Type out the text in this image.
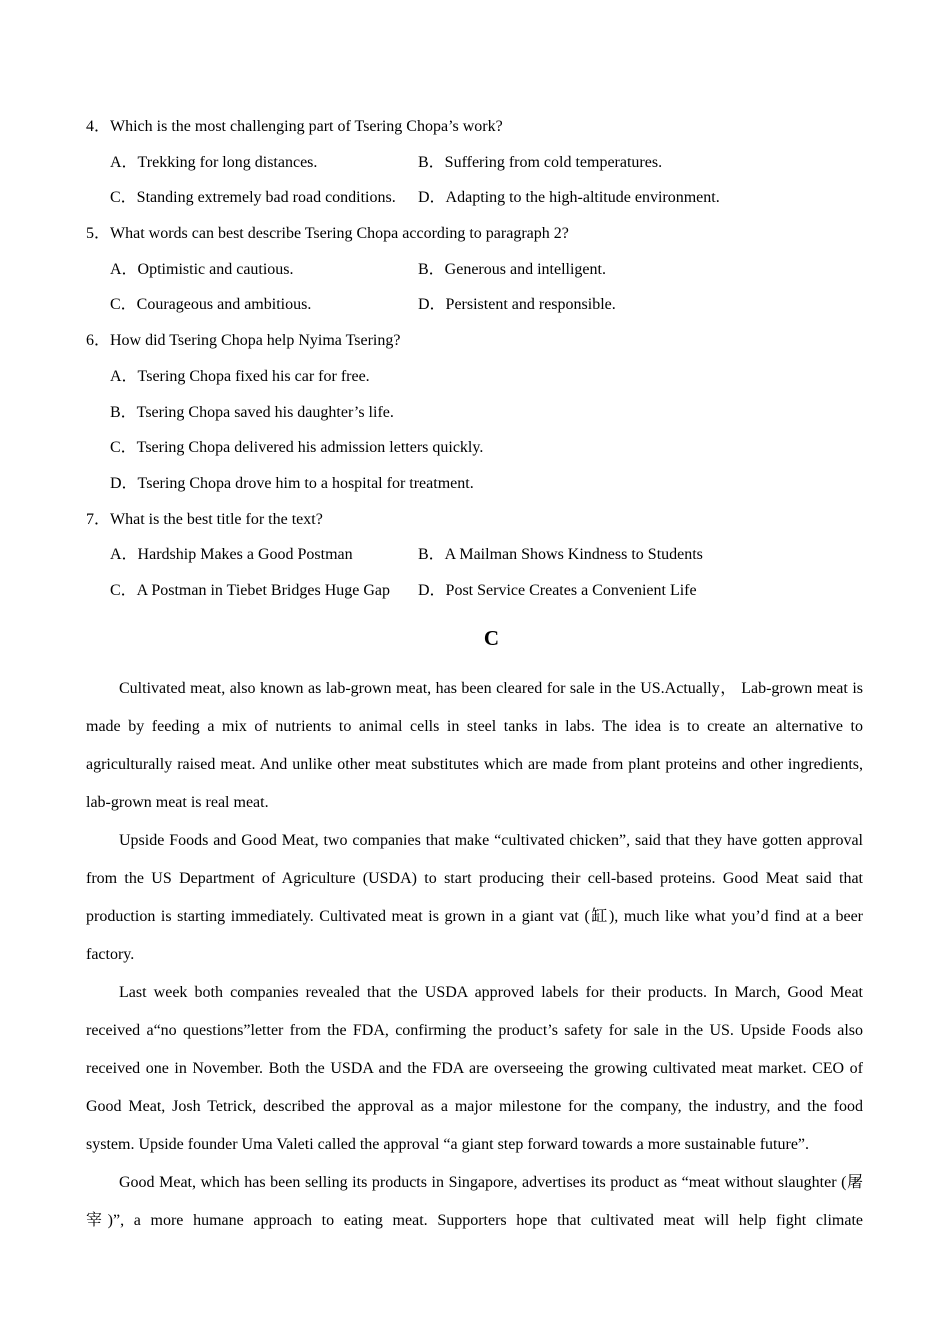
4．Which is the most challenging part of Tsering Chopa’s work?
A．Trekking for long distances.	B．Suffering from cold temperatures.
C．Standing extremely bad road conditions. D．Adapting to the high-altitude environment.
5．What words can best describe Tsering Chopa according to paragraph 2?
A．Optimistic and cautious.	B．Generous and intelligent.
C．Courageous and ambitious.	D．Persistent and responsible.
6．How did Tsering Chopa help Nyima Tsering?
A．Tsering Chopa fixed his car for free.
B．Tsering Chopa saved his daughter’s life.
C．Tsering Chopa delivered his admission letters quickly.
D．Tsering Chopa drove him to a hospital for treatment.
7．What is the best title for the text?
A．Hardship Makes a Good Postman	B．A Mailman Shows Kindness to Students
C．A Postman in Tiebet Bridges Huge Gap D．Post Service Creates a Convenient Life
C

Cultivated meat, also known as lab-grown meat, has been cleared for sale in the US.Actually， Lab-grown meat is made by feeding a mix of nutrients to animal cells in steel tanks in labs. The idea is to create an alternative to agriculturally raised meat. And unlike other meat substitutes which are made from plant proteins and other ingredients, lab-grown meat is real meat.

Upside Foods and Good Meat, two companies that make “cultivated chicken”, said that they have gotten approval from the US Department of Agriculture (USDA) to start producing their cell-based proteins. Good Meat said that production is starting immediately. Cultivated meat is grown in a giant vat (缸), much like what you’d find at a beer factory.

Last week both companies revealed that the USDA approved labels for their products. In March, Good Meat received a“no questions”letter from the FDA, confirming the product’s safety for sale in the US. Upside Foods also received one in November. Both the USDA and the FDA are overseeing the growing cultivated meat market. CEO of Good Meat, Josh Tetrick, described the approval as a major milestone for the company, the industry, and the food system. Upside founder Uma Valeti called the approval “a giant step forward towards a more sustainable future”.

Good Meat, which has been selling its products in Singapore, advertises its product as “meat without slaughter (屠宰)”, a more humane approach to eating meat. Supporters hope that cultivated meat will help fight climate
